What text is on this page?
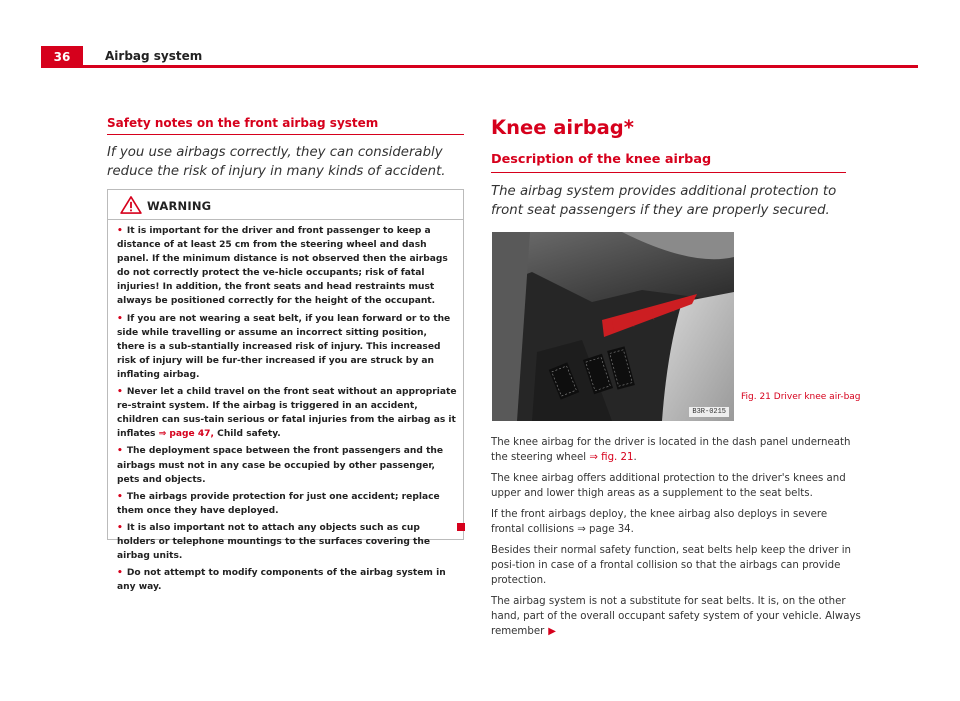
36	Airbag system
Safety notes on the front airbag system
If you use airbags correctly, they can considerably reduce the risk of injury in many kinds of accident.
WARNING

• It is important for the driver and front passenger to keep a distance of at least 25 cm from the steering wheel and dash panel. If the minimum distance is not observed then the airbags do not correctly protect the ve-hicle occupants; risk of fatal injuries! In addition, the front seats and head restraints must always be positioned correctly for the height of the occupant.

• If you are not wearing a seat belt, if you lean forward or to the side while travelling or assume an incorrect sitting position, there is a sub-stantially increased risk of injury. This increased risk of injury will be fur-ther increased if you are struck by an inflating airbag.

• Never let a child travel on the front seat without an appropriate re-straint system. If the airbag is triggered in an accident, children can sus-tain serious or fatal injuries from the airbag as it inflates ⇒ page 47, Child safety.

• The deployment space between the front passengers and the airbags must not in any case be occupied by other passenger, pets and objects.

• The airbags provide protection for just one accident; replace them once they have deployed.

• It is also important not to attach any objects such as cup holders or telephone mountings to the surfaces covering the airbag units.

• Do not attempt to modify components of the airbag system in any way.

Knee airbag*
Description of the knee airbag
The airbag system provides additional protection to front seat passengers if they are properly secured.
B3R-0215
Fig. 21 Driver knee air-bag

The knee airbag for the driver is located in the dash panel underneath the steering wheel ⇒ fig. 21.

The knee airbag offers additional protection to the driver's knees and upper and lower thigh areas as a supplement to the seat belts.

If the front airbags deploy, the knee airbag also deploys in severe frontal collisions ⇒ page 34.

Besides their normal safety function, seat belts help keep the driver in posi-tion in case of a frontal collision so that the airbags can provide protection.

The airbag system is not a substitute for seat belts. It is, on the other hand, part of the overall occupant safety system of your vehicle. Always remember ▶
